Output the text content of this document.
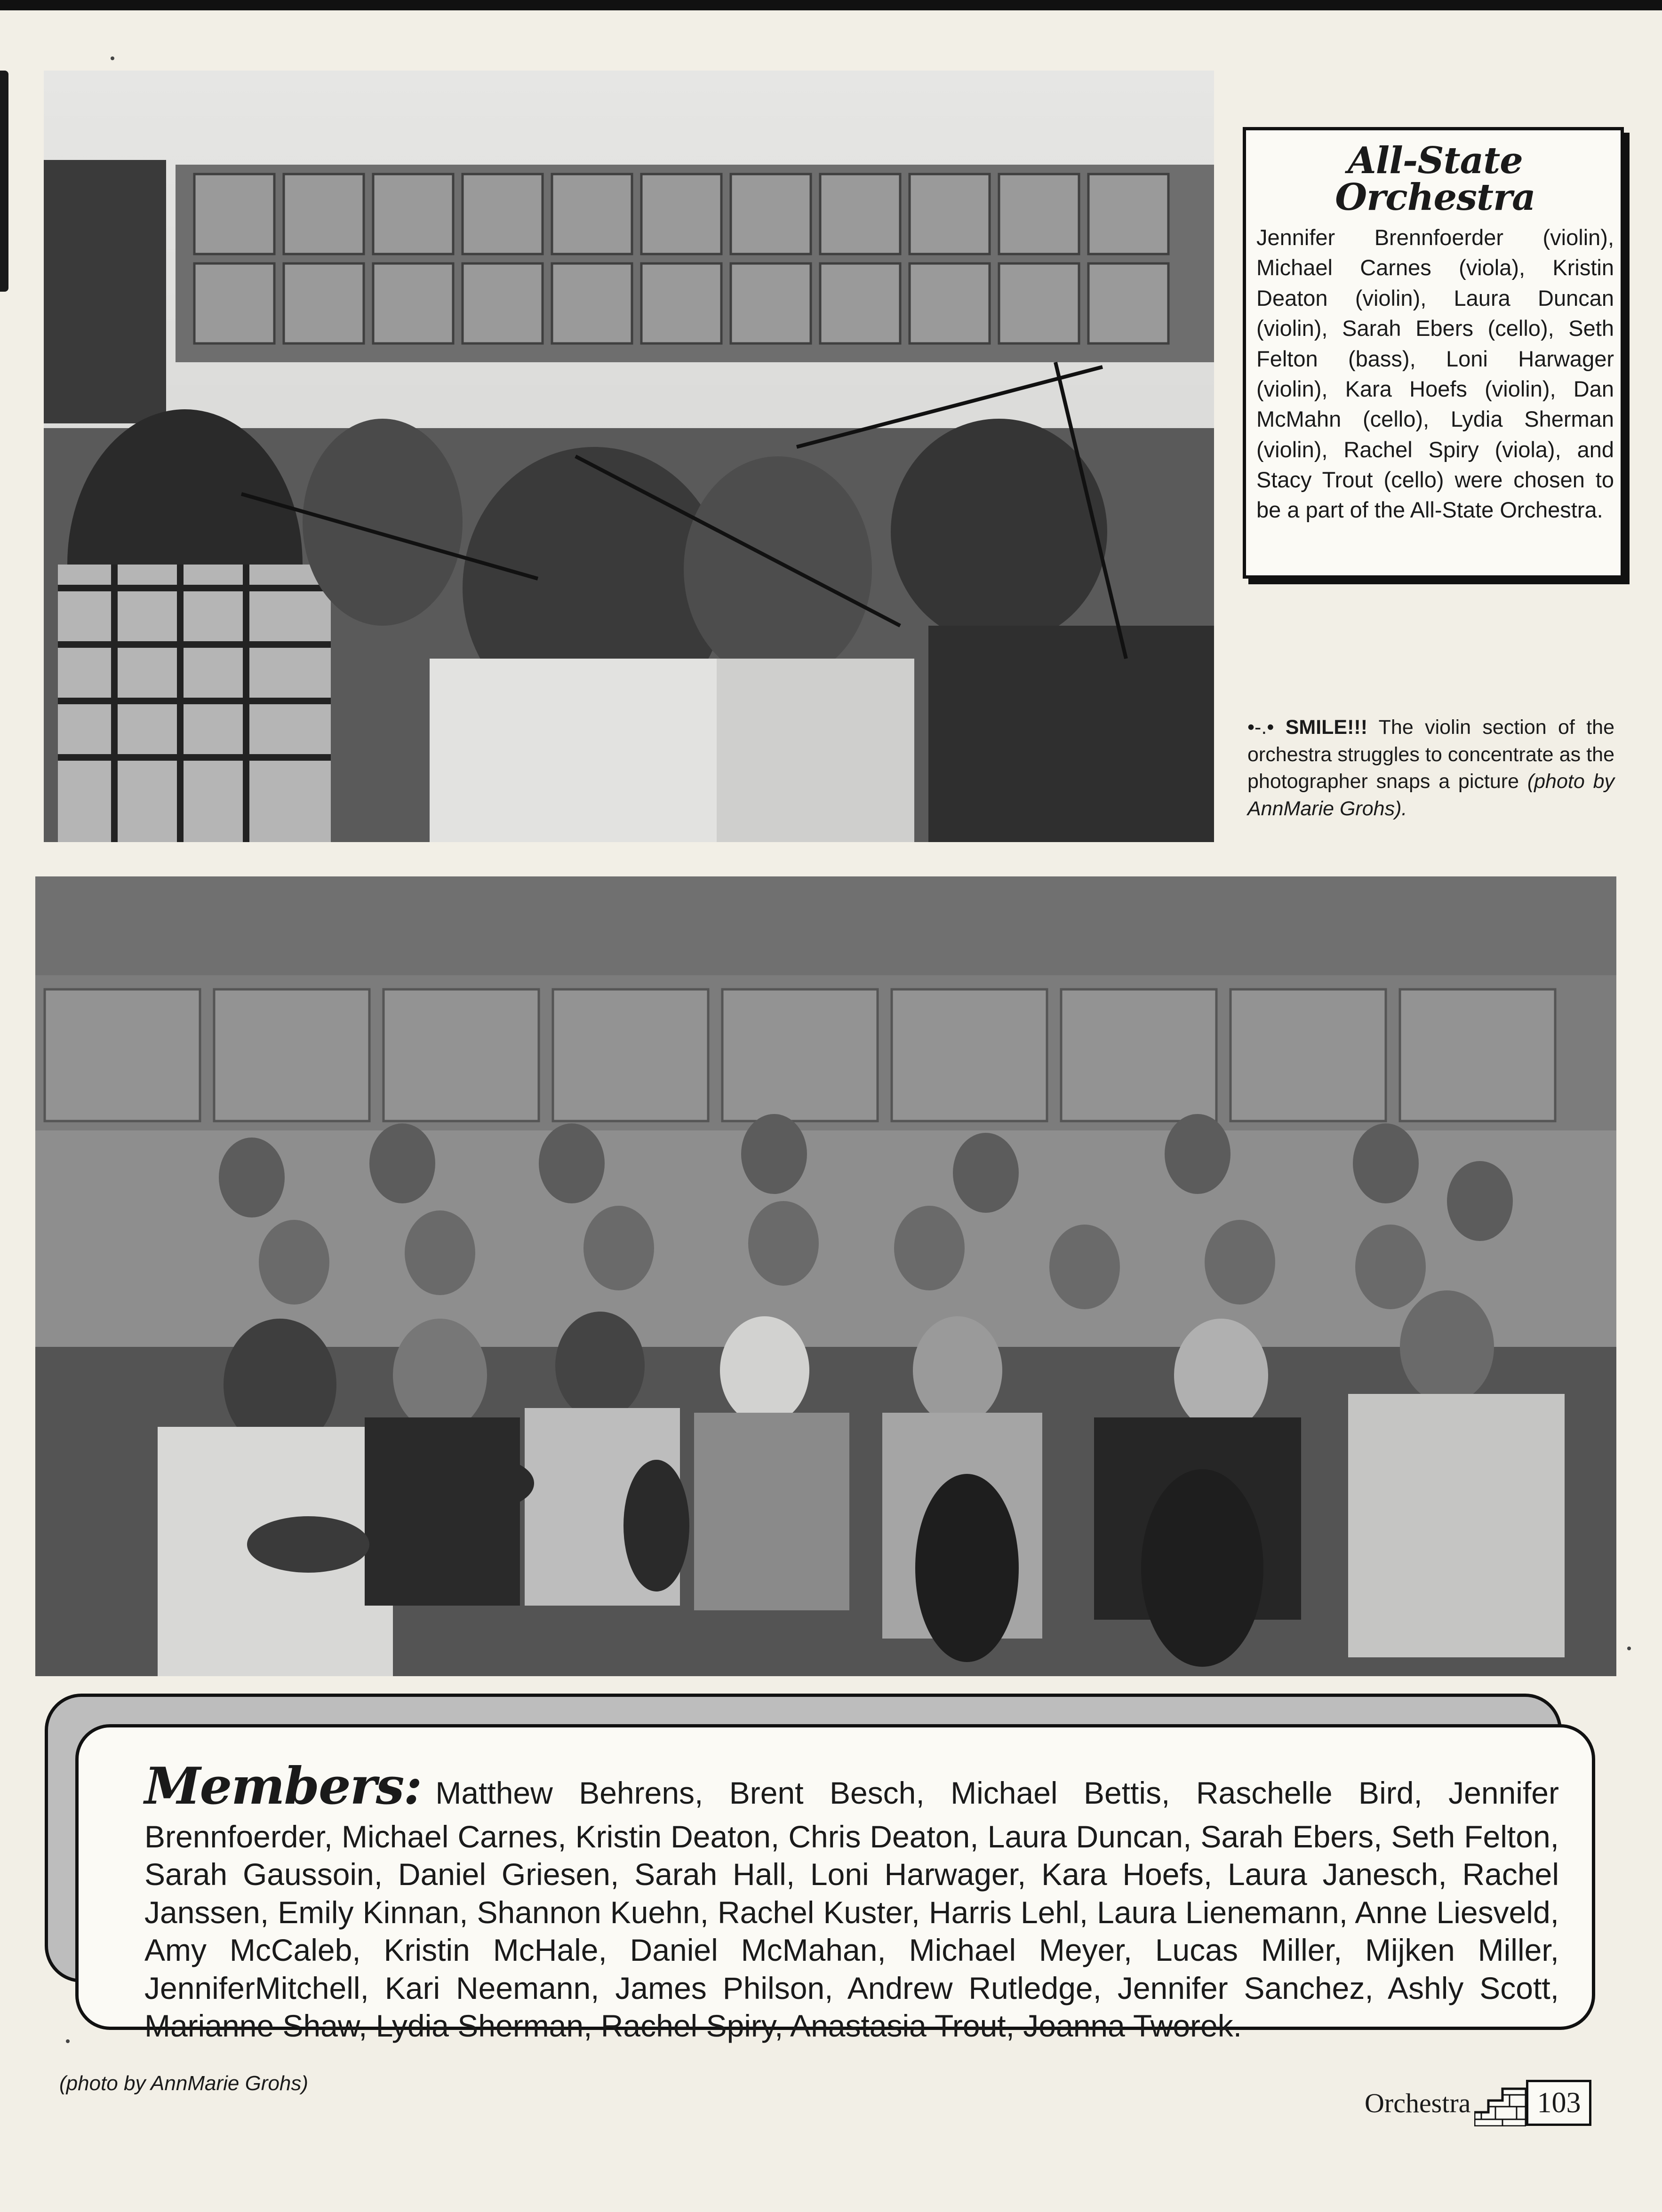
All-State Orchestra

Jennifer Brennfoerder (violin), Michael Carnes (viola), Kristin Deaton (violin), Laura Duncan (violin), Sarah Ebers (cello), Seth Felton (bass), Loni Harwager (violin), Kara Hoefs (violin), Dan McMahn (cello), Lydia Sherman (violin), Rachel Spiry (viola), and Stacy Trout (cello) were chosen to be a part of the All-State Orchestra.

•-.• SMILE!!! The violin section of the orchestra struggles to concentrate as the photographer snaps a picture (photo by AnnMarie Grohs).

Members: Matthew Behrens, Brent Besch, Michael Bettis, Raschelle Bird, Jennifer Brennfoerder, Michael Carnes, Kristin Deaton, Chris Deaton, Laura Duncan, Sarah Ebers, Seth Felton, Sarah Gaussoin, Daniel Griesen, Sarah Hall, Loni Harwager, Kara Hoefs, Laura Janesch, Rachel Janssen, Emily Kinnan, Shannon Kuehn, Rachel Kuster, Harris Lehl, Laura Lienemann, Anne Liesveld, Amy McCaleb, Kristin McHale, Daniel McMahan, Michael Meyer, Lucas Miller, Mijken Miller, JenniferMitchell, Kari Neemann, James Philson, Andrew Rutledge, Jennifer Sanchez, Ashly Scott, Marianne Shaw, Lydia Sherman, Rachel Spiry, Anastasia Trout, Joanna Tworek.

(photo by AnnMarie Grohs)
Orchestra	103
